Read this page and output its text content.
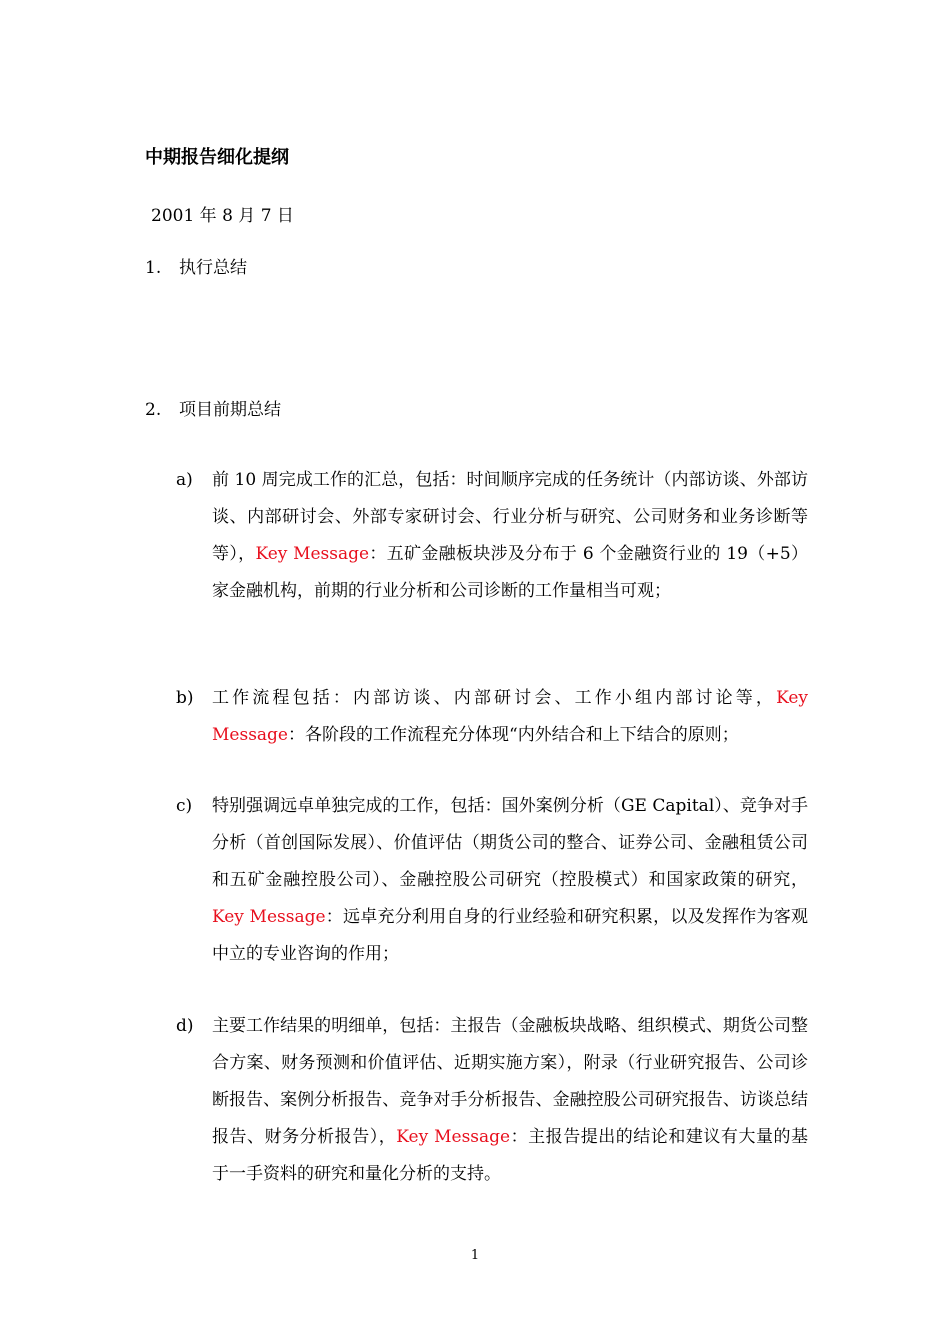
中期报告细化提纲
2001 年 8 月 7 日
1. 执行总结
2. 项目前期总结
a)	前 10 周完成工作的汇总，包括：时间顺序完成的任务统计（内部访谈、外部访谈、内部研讨会、外部专家研讨会、行业分析与研究、公司财务和业务诊断等等），Key Message：五矿金融板块涉及分布于 6 个金融资行业的 19（+5）家金融机构，前期的行业分析和公司诊断的工作量相当可观；
b)	工作流程包括：内部访谈、内部研讨会、工作小组内部讨论等，Key Message：各阶段的工作流程充分体现“内外结合和上下结合的原则；
c)	特别强调远卓单独完成的工作，包括：国外案例分析（GE Capital）、竞争对手分析（首创国际发展）、价值评估（期货公司的整合、证券公司、金融租赁公司和五矿金融控股公司）、金融控股公司研究（控股模式）和国家政策的研究，Key Message：远卓充分利用自身的行业经验和研究积累，以及发挥作为客观中立的专业咨询的作用；
d)	主要工作结果的明细单，包括：主报告（金融板块战略、组织模式、期货公司整合方案、财务预测和价值评估、近期实施方案），附录（行业研究报告、公司诊断报告、案例分析报告、竞争对手分析报告、金融控股公司研究报告、访谈总结报告、财务分析报告），Key Message：主报告提出的结论和建议有大量的基于一手资料的研究和量化分析的支持。
1
